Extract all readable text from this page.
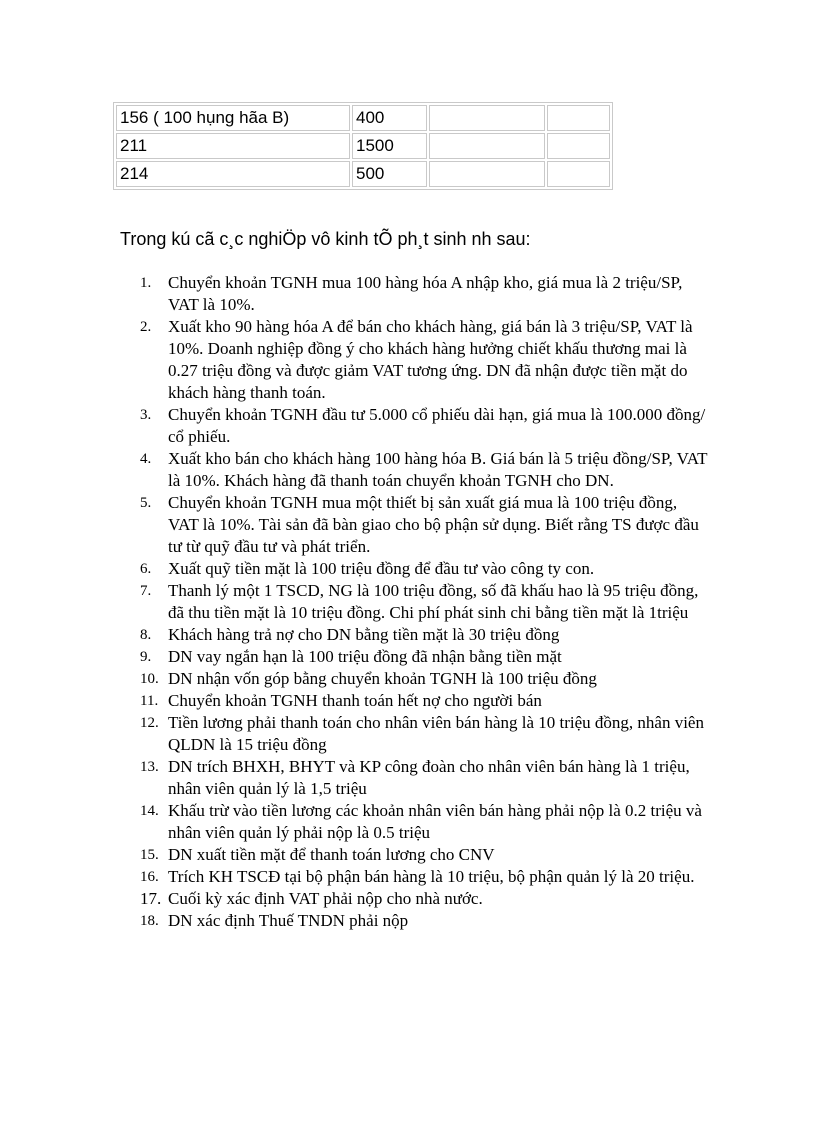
156 ( 100 hụng hãa B)	400		
211	1500		
214	500		

Trong kú cã c¸c nghiÖp vô kinh tÕ ph¸t sinh nh sau:

1. Chuyển khoản TGNH mua 100 hàng hóa A nhập kho, giá mua là 2 triệu/SP, VAT là 10%.
2. Xuất kho 90 hàng hóa A để bán cho khách hàng, giá bán là 3 triệu/SP, VAT là 10%. Doanh nghiệp đồng ý cho khách hàng hưởng chiết khấu thương mai là 0.27 triệu đồng và được giảm VAT tương ứng. DN đã nhận được tiền mặt do khách hàng thanh toán.
3. Chuyển khoản TGNH đầu tư 5.000 cổ phiếu dài hạn, giá mua là 100.000 đồng/ cổ phiếu.
4. Xuất kho bán cho khách hàng 100 hàng hóa B. Giá bán là 5 triệu đồng/SP, VAT là 10%. Khách hàng đã thanh toán chuyển khoản TGNH cho DN.
5. Chuyển khoản TGNH mua một thiết bị sản xuất giá mua là 100 triệu đồng, VAT là 10%. Tài sản đã bàn giao cho bộ phận sử dụng. Biết rằng TS được đầu tư từ quỹ đầu tư và phát triển.
6. Xuất quỹ tiền mặt là 100 triệu đồng để đầu tư vào công ty con.
7. Thanh lý một 1 TSCD, NG là 100 triệu đồng, số đã khấu hao là 95 triệu đồng, đã thu tiền mặt là 10 triệu đồng. Chi phí phát sinh chi bằng tiền mặt là 1triệu
8. Khách hàng trả nợ cho DN bằng tiền mặt là 30 triệu đồng
9. DN vay ngắn hạn là 100 triệu đồng đã nhận bằng tiền mặt
10. DN nhận vốn góp bằng chuyển khoản TGNH là 100 triệu đồng
11. Chuyển khoản TGNH thanh toán hết nợ cho người bán
12. Tiền lương phải thanh toán cho nhân viên bán hàng là 10 triệu đồng, nhân viên QLDN là 15 triệu đồng
13. DN trích BHXH, BHYT và KP công đoàn cho nhân viên bán hàng là 1 triệu, nhân viên quản lý là 1,5 triệu
14. Khấu trừ vào tiền lương các khoản nhân viên bán hàng phải nộp là 0.2 triệu và nhân viên quản lý phải nộp là 0.5 triệu
15. DN xuất tiền mặt để thanh toán lương cho CNV
16. Trích KH TSCĐ tại bộ phận bán hàng là 10 triệu, bộ phận quản lý là 20 triệu.
17. Cuối kỳ xác định VAT phải nộp cho nhà nước.
18. DN xác định Thuế TNDN phải nộp
